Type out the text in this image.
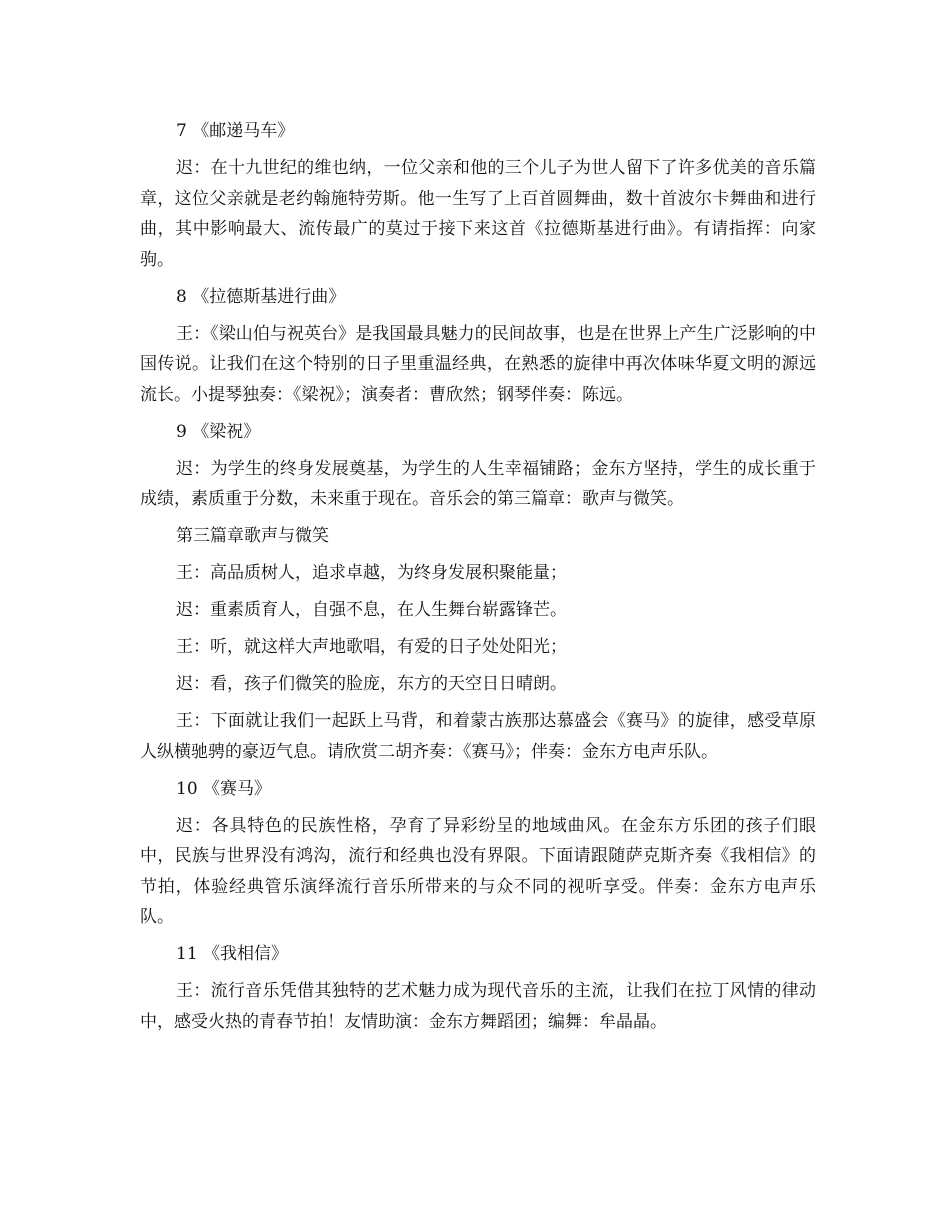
7 《邮递马车》

迟：在十九世纪的维也纳，一位父亲和他的三个儿子为世人留下了许多优美的音乐篇章，这位父亲就是老约翰施特劳斯。他一生写了上百首圆舞曲，数十首波尔卡舞曲和进行曲，其中影响最大、流传最广的莫过于接下来这首《拉德斯基进行曲》。有请指挥：向家驹。

8 《拉德斯基进行曲》

王：《梁山伯与祝英台》是我国最具魅力的民间故事，也是在世界上产生广泛影响的中国传说。让我们在这个特别的日子里重温经典，在熟悉的旋律中再次体味华夏文明的源远流长。小提琴独奏：《梁祝》；演奏者：曹欣然；钢琴伴奏：陈远。

9 《梁祝》

迟：为学生的终身发展奠基，为学生的人生幸福铺路；金东方坚持，学生的成长重于成绩，素质重于分数，未来重于现在。音乐会的第三篇章：歌声与微笑。

第三篇章歌声与微笑

王：高品质树人，追求卓越，为终身发展积聚能量；

迟：重素质育人，自强不息，在人生舞台崭露锋芒。

王：听，就这样大声地歌唱，有爱的日子处处阳光；

迟：看，孩子们微笑的脸庞，东方的天空日日晴朗。

王：下面就让我们一起跃上马背，和着蒙古族那达慕盛会《赛马》的旋律，感受草原人纵横驰骋的豪迈气息。请欣赏二胡齐奏：《赛马》；伴奏：金东方电声乐队。

10 《赛马》

迟：各具特色的民族性格，孕育了异彩纷呈的地域曲风。在金东方乐团的孩子们眼中，民族与世界没有鸿沟，流行和经典也没有界限。下面请跟随萨克斯齐奏《我相信》的节拍，体验经典管乐演绎流行音乐所带来的与众不同的视听享受。伴奏：金东方电声乐队。

11 《我相信》

王：流行音乐凭借其独特的艺术魅力成为现代音乐的主流，让我们在拉丁风情的律动中，感受火热的青春节拍！友情助演：金东方舞蹈团；编舞：牟晶晶。
